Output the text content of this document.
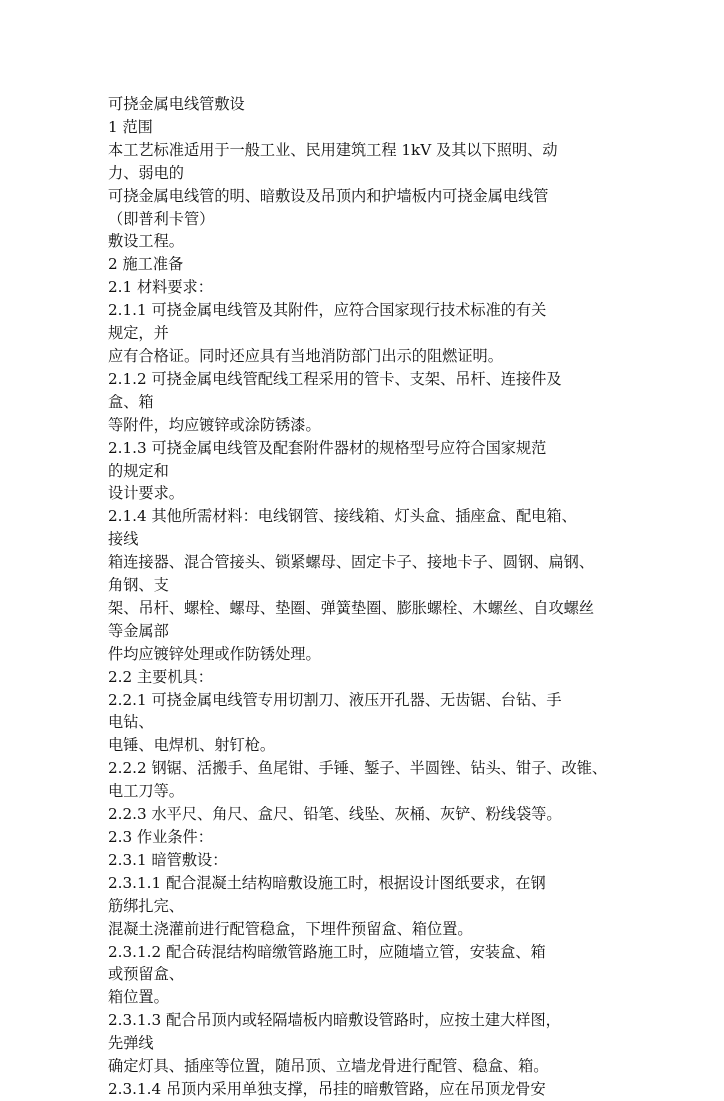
可挠金属电线管敷设
1 范围
本工艺标准适用于一般工业、民用建筑工程 1kV 及其以下照明、动
力、弱电的
可挠金属电线管的明、暗敷设及吊顶内和护墙板内可挠金属电线管
（即普利卡管）
敷设工程。
2 施工准备
2.1 材料要求：
2.1.1 可挠金属电线管及其附件，应符合国家现行技术标准的有关
规定，并
应有合格证。同时还应具有当地消防部门出示的阻燃证明。
2.1.2 可挠金属电线管配线工程采用的管卡、支架、吊杆、连接件及
盒、箱
等附件，均应镀锌或涂防锈漆。
2.1.3 可挠金属电线管及配套附件器材的规格型号应符合国家规范
的规定和
设计要求。
2.1.4 其他所需材料：电线钢管、接线箱、灯头盒、插座盒、配电箱、
接线
箱连接器、混合管接头、锁紧螺母、固定卡子、接地卡子、圆钢、扁钢、
角钢、支
架、吊杆、螺栓、螺母、垫圈、弹簧垫圈、膨胀螺栓、木螺丝、自攻螺丝
等金属部
件均应镀锌处理或作防锈处理。
2.2 主要机具：
2.2.1 可挠金属电线管专用切割刀、液压开孔器、无齿锯、台钻、手
电钻、
电锤、电焊机、射钉枪。
2.2.2 钢锯、活搬手、鱼尾钳、手锤、錾子、半圆锉、钻头、钳子、改锥、
电工刀等。
2.2.3 水平尺、角尺、盒尺、铅笔、线坠、灰桶、灰铲、粉线袋等。
2.3 作业条件：
2.3.1 暗管敷设：
2.3.1.1 配合混凝土结构暗敷设施工时，根据设计图纸要求，在钢
筋绑扎完、
混凝土浇灌前进行配管稳盒，下埋件预留盒、箱位置。
2.3.1.2 配合砖混结构暗缴管路施工时，应随墙立管，安装盒、箱
或预留盒、
箱位置。
2.3.1.3 配合吊顶内或轻隔墙板内暗敷设管路时，应按土建大样图，
先弹线
确定灯具、插座等位置，随吊顶、立墙龙骨进行配管、稳盒、箱。
2.3.1.4 吊顶内采用单独支撑，吊挂的暗敷管路，应在吊顶龙骨安
